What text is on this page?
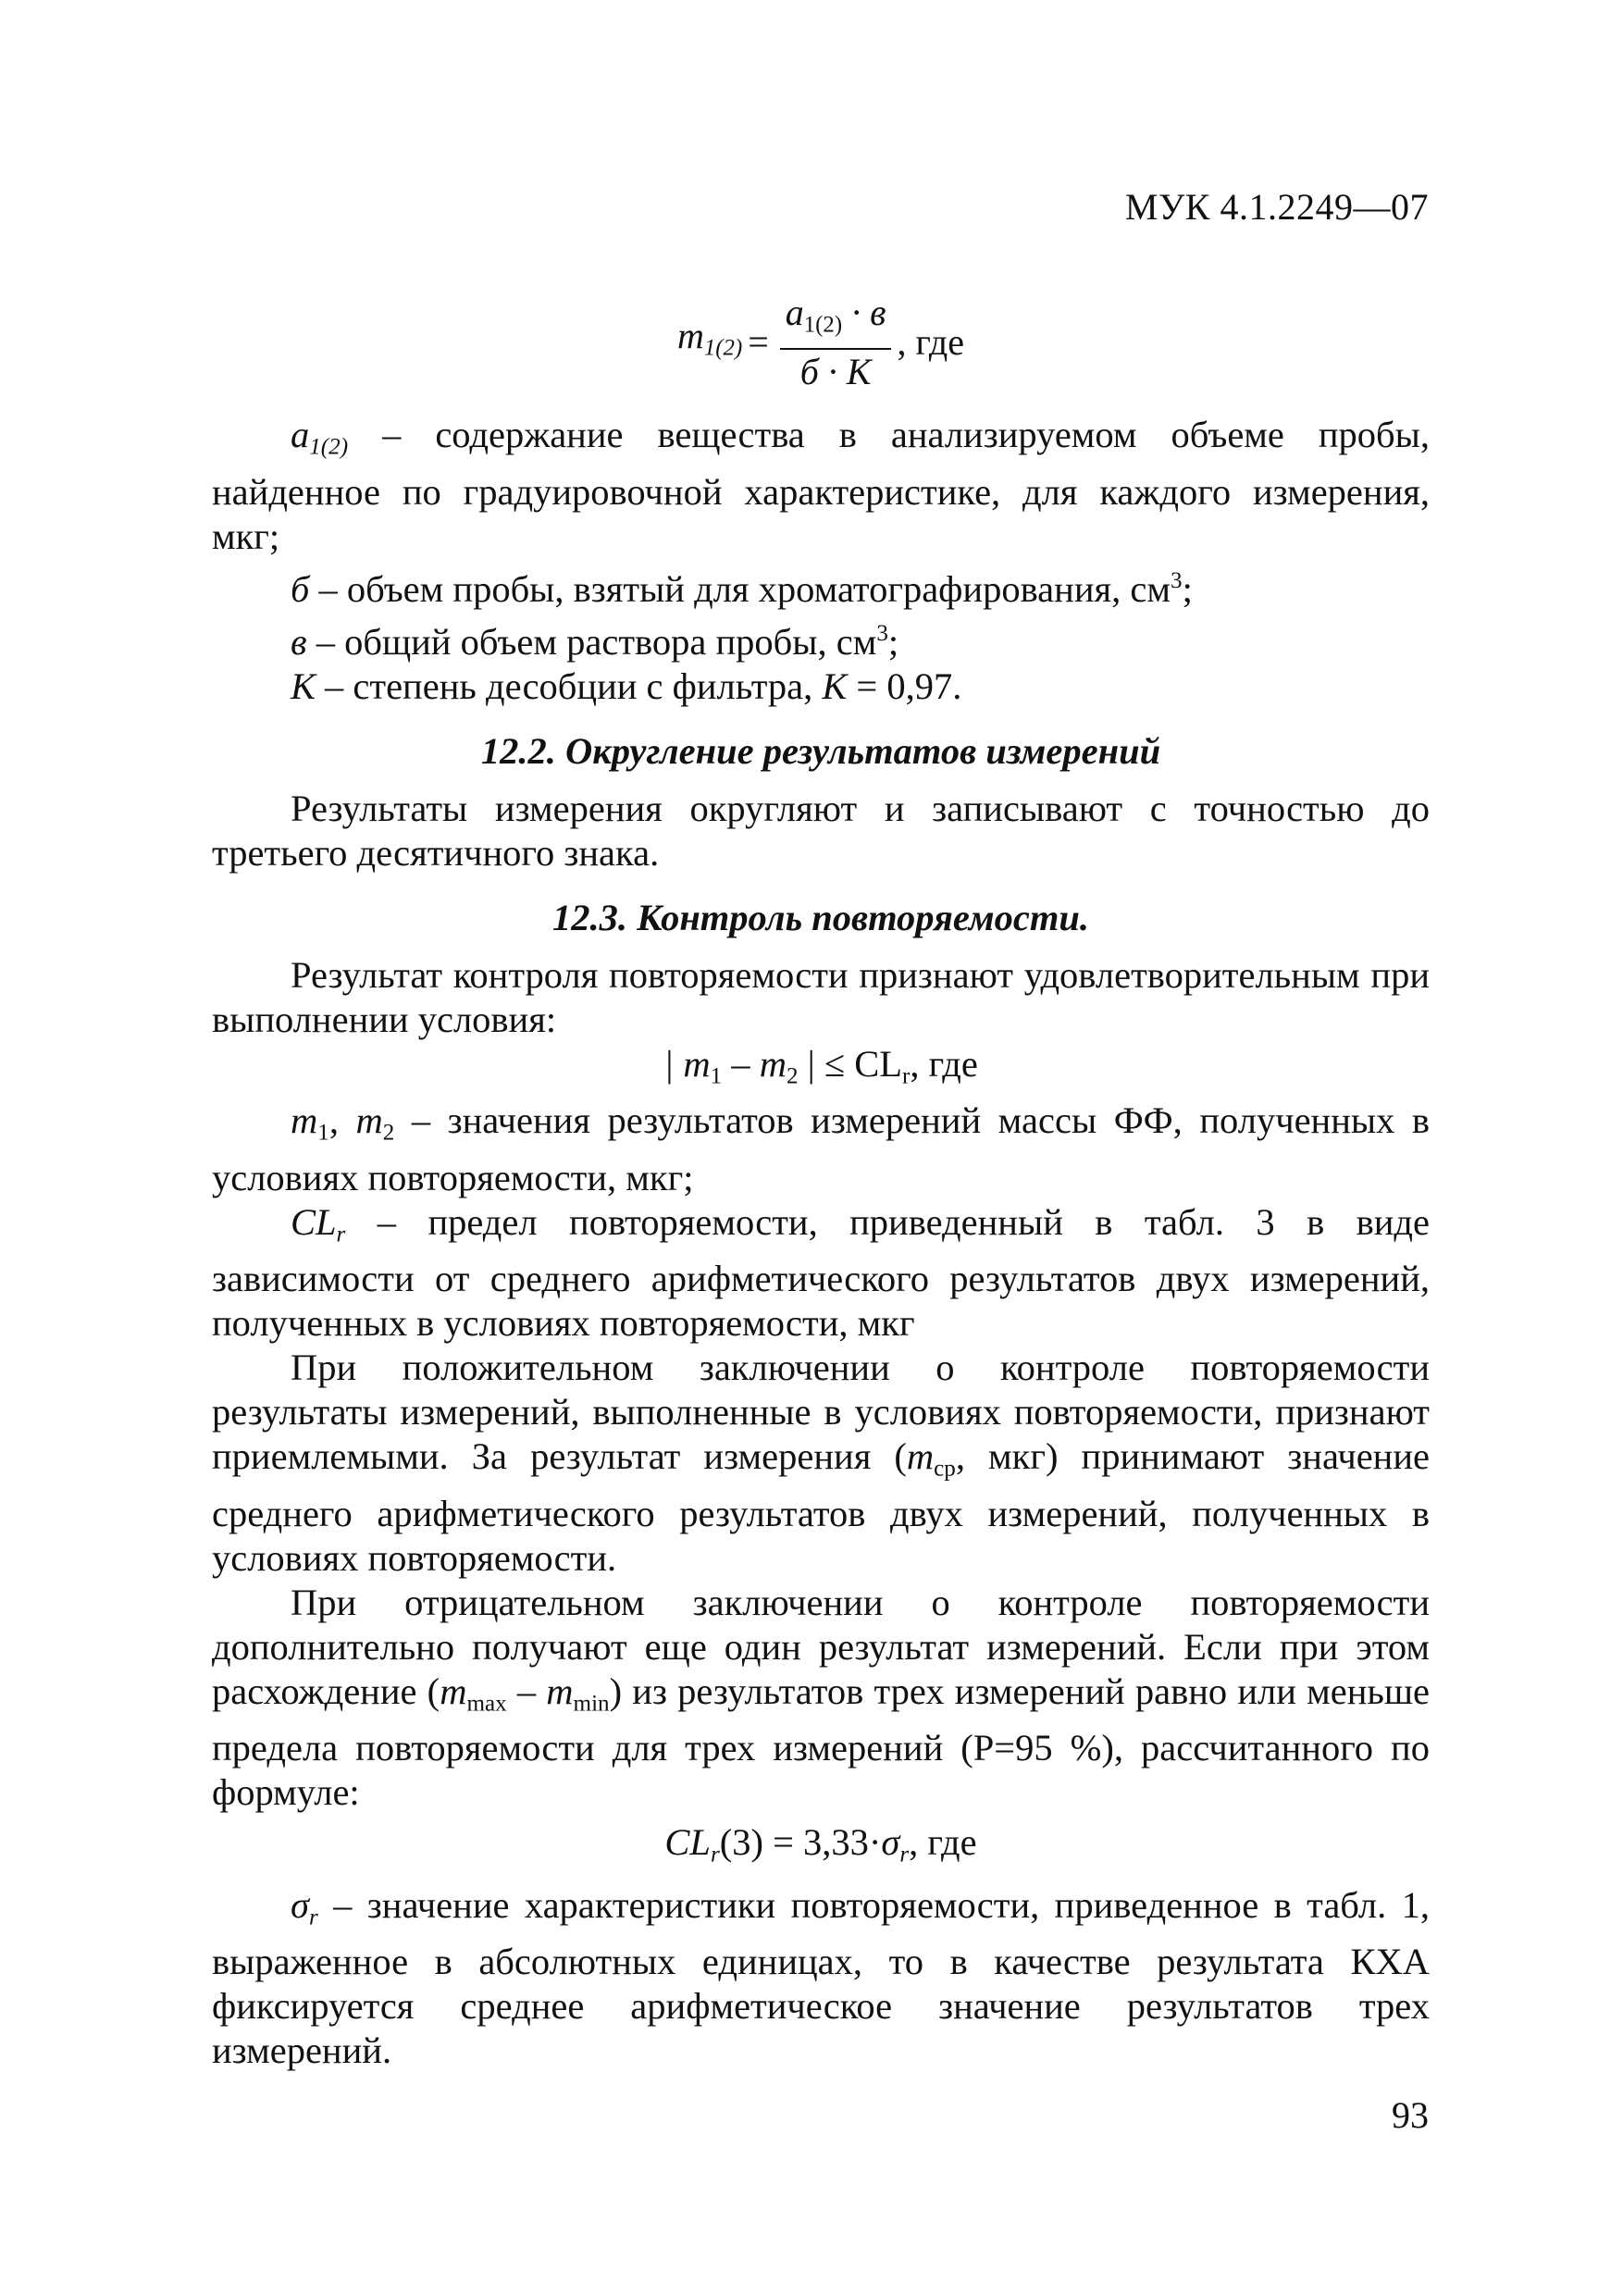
МУК 4.1.2249—07
$m_{1(2)} = \frac{a_{1(2)} \cdot в}{б \cdot К}$ , где

$a_{1(2)}$ – содержание вещества в анализируемом объеме пробы, найденное по градуировочной характеристике, для каждого измерения, мкг;

б – объем пробы, взятый для хроматографирования, $см^3$;

в – общий объем раствора пробы, $см^3$;

К – степень десобции с фильтра, К = 0,97.

12.2. Округление результатов измерений

Результаты измерения округляют и записывают с точностью до третьего десятичного знака.

12.3. Контроль повторяемости.

Результат контроля повторяемости признают удовлетворительным при выполнении условия:

| $m_1 - m_2$ | ≤ $CL_r$, где

$m_1$, $m_2$ – значения результатов измерений массы ФФ, полученных в условиях повторяемости, мкг;

$CL_r$ – предел повторяемости, приведенный в табл. 3 в виде зависимости от среднего арифметического результатов двух измерений, полученных в условиях повторяемости, мкг

При положительном заключении о контроле повторяемости результаты измерений, выполненные в условиях повторяемости, признают приемлемыми. За результат измерения ($m_{ср}$, мкг) принимают значение среднего арифметического результатов двух измерений, полученных в условиях повторяемости.

При отрицательном заключении о контроле повторяемости дополнительно получают еще один результат измерений. Если при этом расхождение $(m_{max} - m_{min})$ из результатов трех измерений равно или меньше предела повторяемости для трех измерений (Р=95 %), рассчитанного по формуле:

$CL_r(3) = 3,33\cdot\sigma_r$, где

$\sigma_r$ – значение характеристики повторяемости, приведенное в табл. 1, выраженное в абсолютных единицах, то в качестве результата КХА фиксируется среднее арифметическое значение результатов трех измерений.

93
